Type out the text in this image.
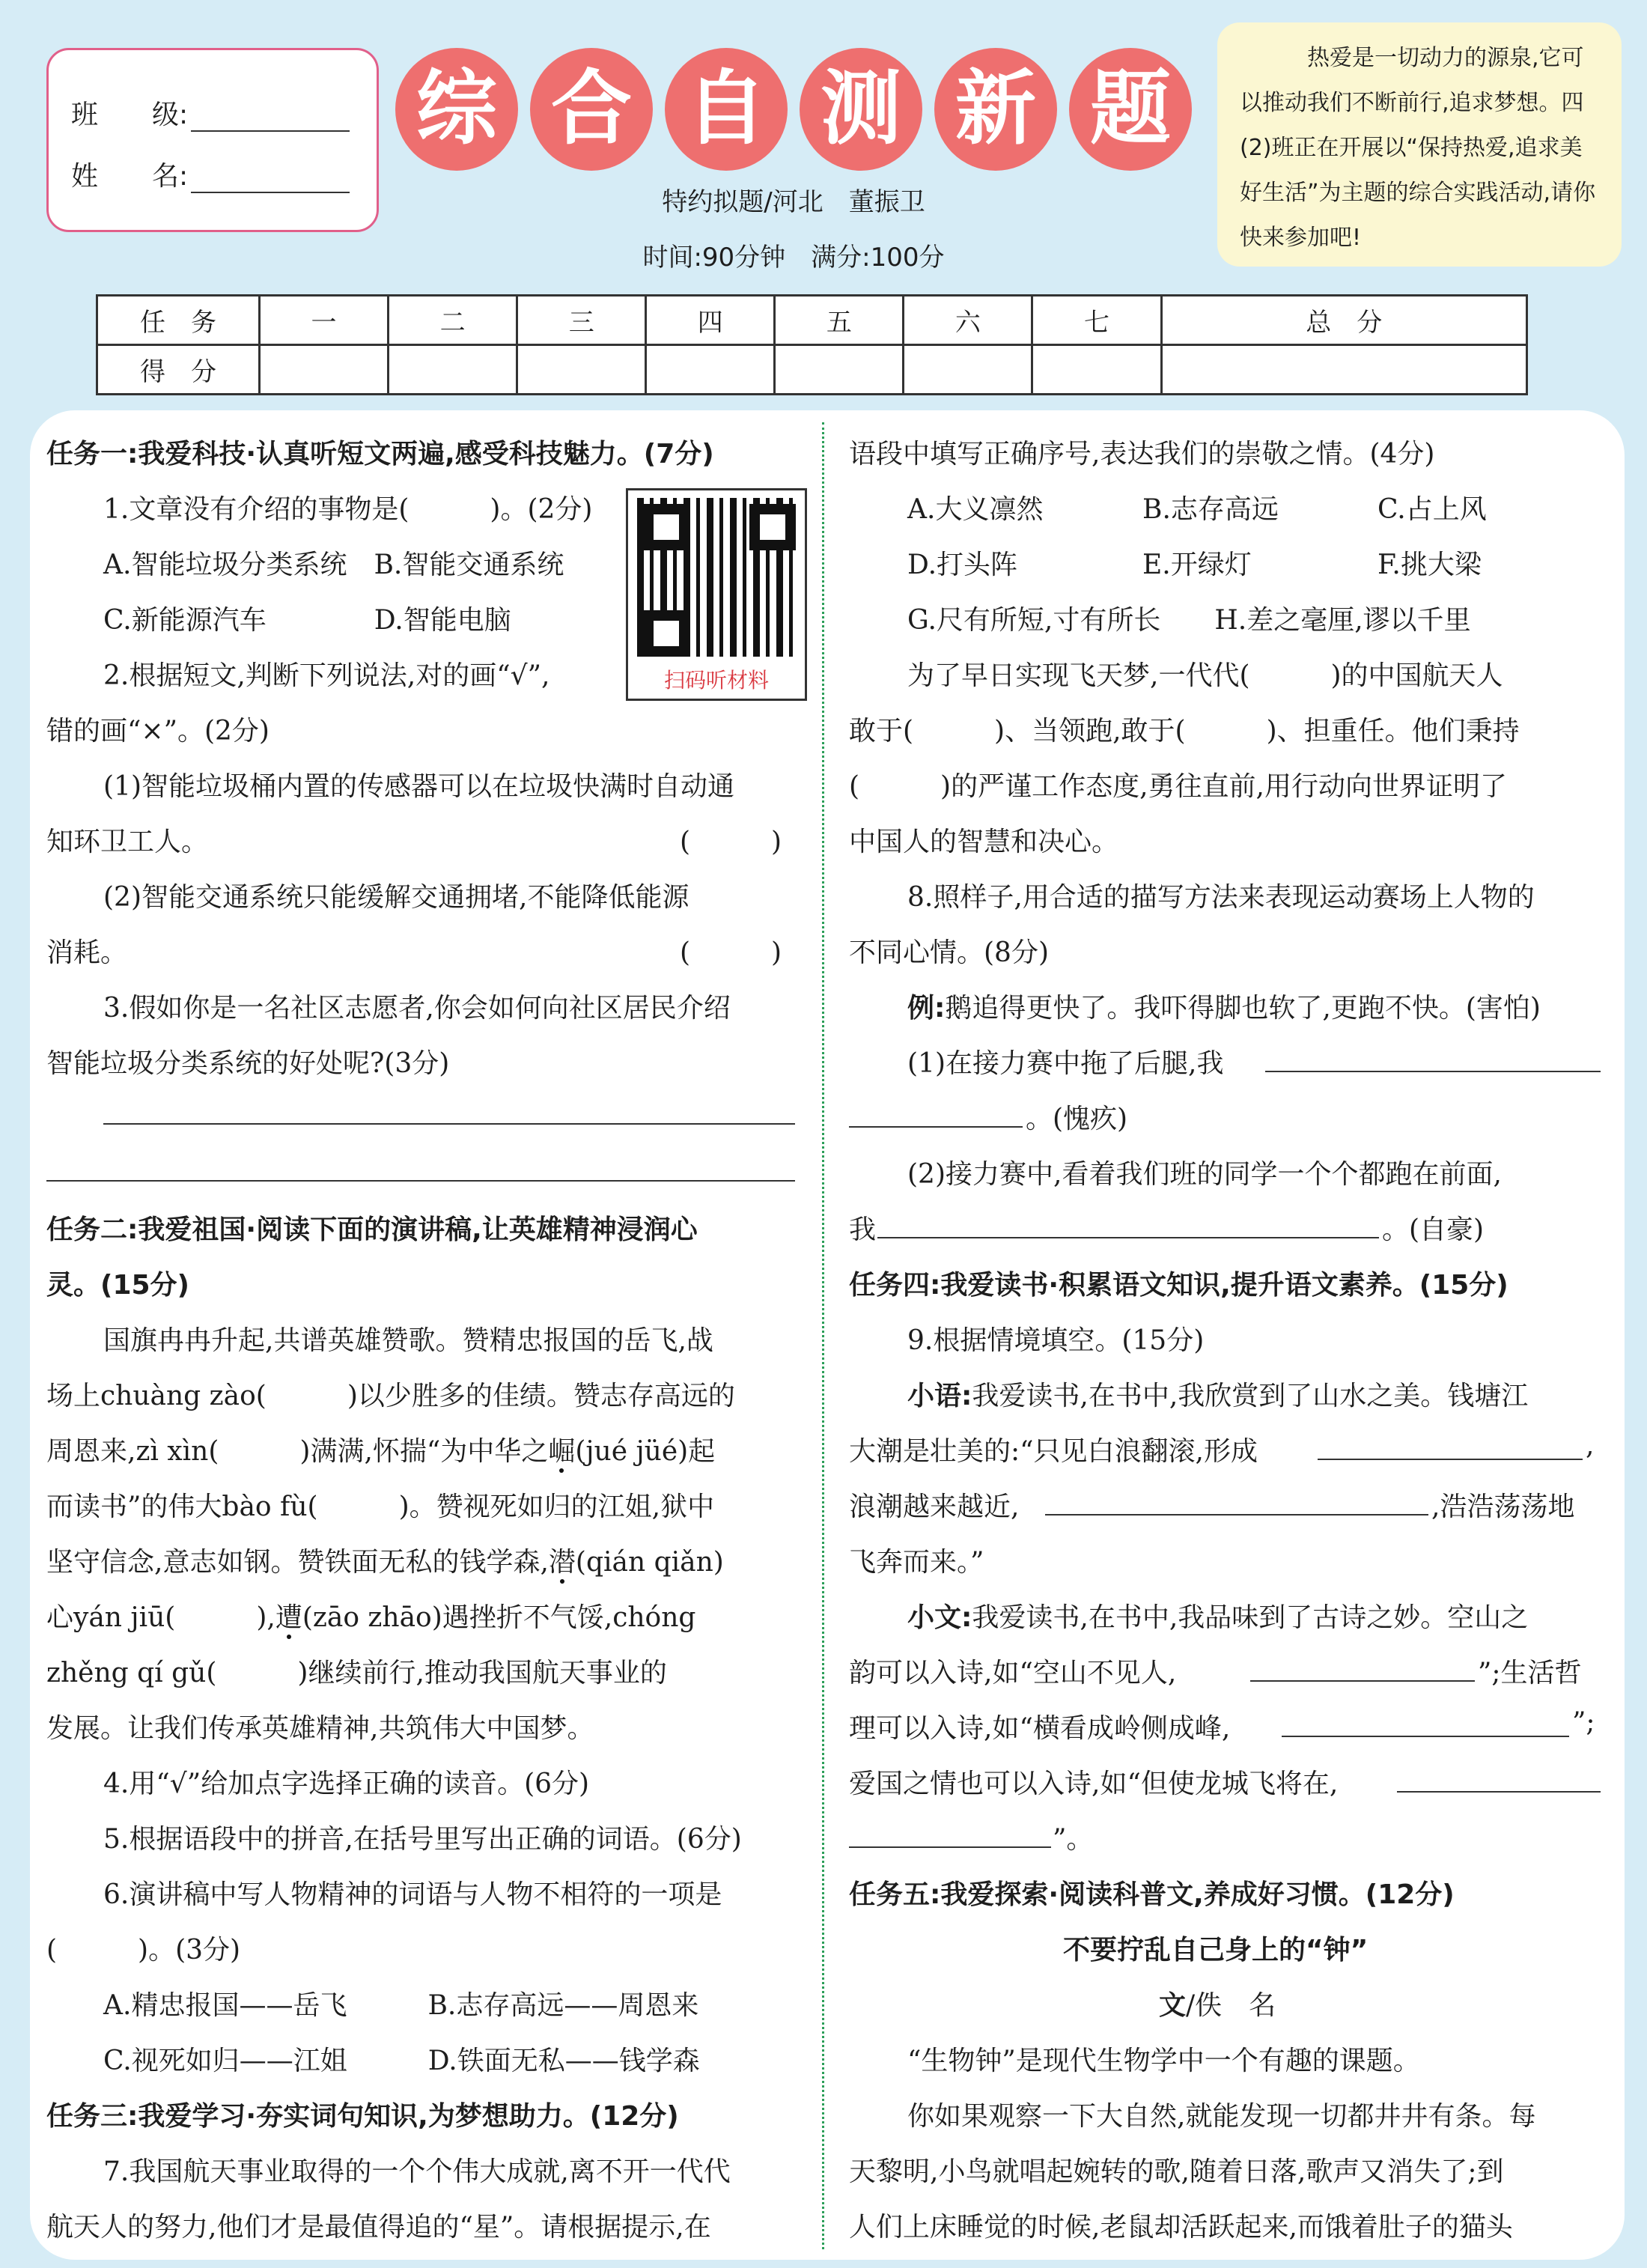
班　　级:
姓　　名:
综 合 自 测 新 题
特约拟题/河北　董振卫
时间:90分钟　满分:100分
热爱是一切动力的源泉,它可以推动我们不断前行,追求梦想。四(2)班正在开展以“保持热爱,追求美好生活”为主题的综合实践活动,请你快来参加吧!
任　务	一	二	三	四	五	六	七	总　分
得　分								
扫码听材料
任务一:我爱科技·认真听短文两遍,感受科技魅力。(7分)
1.文章没有介绍的事物是(　　　)。(2分)
A.智能垃圾分类系统　B.智能交通系统
C.新能源汽车　　　　D.智能电脑
2.根据短文,判断下列说法,对的画“√”,
错的画“×”。(2分)
(1)智能垃圾桶内置的传感器可以在垃圾快满时自动通
知环卫工人。	(　　　)
(2)智能交通系统只能缓解交通拥堵,不能降低能源
消耗。	(　　　)
3.假如你是一名社区志愿者,你会如何向社区居民介绍
智能垃圾分类系统的好处呢?(3分)
任务二:我爱祖国·阅读下面的演讲稿,让英雄精神浸润心
灵。(15分)
国旗冉冉升起,共谱英雄赞歌。赞精忠报国的岳飞,战
场上chuàng zào(　　　)以少胜多的佳绩。赞志存高远的
周恩来,zì xìn(　　　)满满,怀揣“为中华之崛(jué jüé)起
而读书”的伟大bào fù(　　　)。赞视死如归的江姐,狱中
坚守信念,意志如钢。赞铁面无私的钱学森,潜(qián qiǎn)
心yán jiū(　　　),遭(zāo zhāo)遇挫折不气馁,chóng
zhěng qí gǔ(　　　)继续前行,推动我国航天事业的
发展。让我们传承英雄精神,共筑伟大中国梦。
4.用“√”给加点字选择正确的读音。(6分)
5.根据语段中的拼音,在括号里写出正确的词语。(6分)
6.演讲稿中写人物精神的词语与人物不相符的一项是
(　　　)。(3分)
A.精忠报国——岳飞　　　B.志存高远——周恩来
C.视死如归——江姐　　　D.铁面无私——钱学森
任务三:我爱学习·夯实词句知识,为梦想助力。(12分)
7.我国航天事业取得的一个个伟大成就,离不开一代代
航天人的努力,他们才是最值得追的“星”。请根据提示,在
语段中填写正确序号,表达我们的崇敬之情。(4分)
A.大义凛然	B.志存高远	C.占上风
D.打头阵	E.开绿灯	F.挑大梁
G.尺有所短,寸有所长　　H.差之毫厘,谬以千里
为了早日实现飞天梦,一代代(　　　)的中国航天人
敢于(　　　)、当领跑,敢于(　　　)、担重任。他们秉持
(　　　)的严谨工作态度,勇往直前,用行动向世界证明了
中国人的智慧和决心。
8.照样子,用合适的描写方法来表现运动赛场上人物的
不同心情。(8分)
例:鹅追得更快了。我吓得脚也软了,更跑不快。(害怕)
(1)在接力赛中拖了后腿,我
。(愧疚)
(2)接力赛中,看着我们班的同学一个个都跑在前面,
我	。(自豪)
任务四:我爱读书·积累语文知识,提升语文素养。(15分)
9.根据情境填空。(15分)
小语:我爱读书,在书中,我欣赏到了山水之美。钱塘江
大潮是壮美的:“只见白浪翻滚,形成	,
浪潮越来越近,	,浩浩荡荡地
飞奔而来。”
小文:我爱读书,在书中,我品味到了古诗之妙。空山之
韵可以入诗,如“空山不见人,	”;生活哲
理可以入诗,如“横看成岭侧成峰,	”;
爱国之情也可以入诗,如“但使龙城飞将在,
”。
任务五:我爱探索·阅读科普文,养成好习惯。(12分)
不要拧乱自己身上的“钟”
文/佚　名
“生物钟”是现代生物学中一个有趣的课题。
你如果观察一下大自然,就能发现一切都井井有条。每
天黎明,小鸟就唱起婉转的歌,随着日落,歌声又消失了;到
人们上床睡觉的时候,老鼠却活跃起来,而饿着肚子的猫头
